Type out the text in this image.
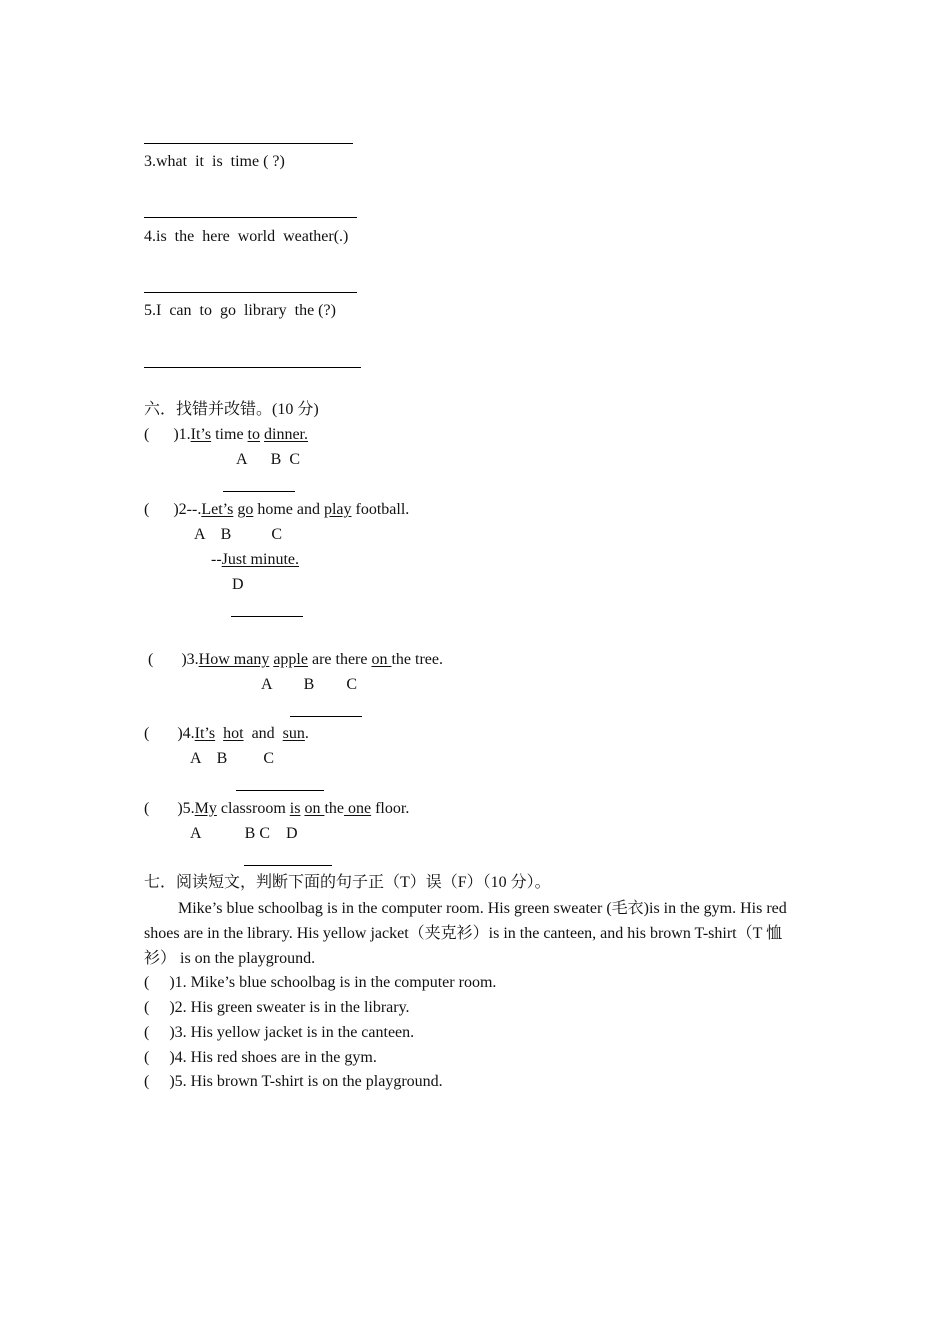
3.what  it  is  time ( ?)
4.is  the  here  world  weather(.)
5.I  can  to  go  library  the (?)
六．找错并改错。(10 分)
(      )1.It’s time to dinner.
A      B  C
(      )2--.Let’s go home and play football.
A    B          C
--Just minute.
D
(       )3.How many apple are there on the tree.
A        B        C
(       )4.It’s hot  and  sun.
A    B         C
(       )5.My classroom is on the one floor.
A           B C    D
七．阅读短文，判断下面的句子正（T）误（F）（10 分）。
Mike’s blue schoolbag is in the computer room. His green sweater (毛衣)is in the gym. His red shoes are in the library. His yellow jacket（夹克衫）is in the canteen, and his brown T-shirt（T 恤衫） is on the playground.
(     )1. Mike’s blue schoolbag is in the computer room.
(     )2. His green sweater is in the library.
(     )3. His yellow jacket is in the canteen.
(     )4. His red shoes are in the gym.
(     )5. His brown T-shirt is on the playground.
